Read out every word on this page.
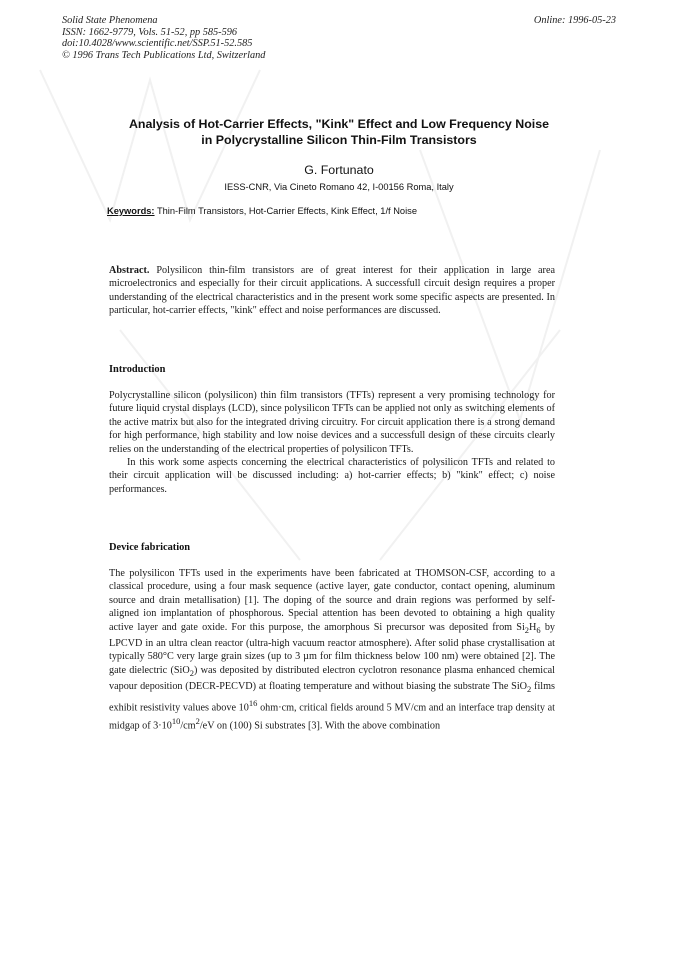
Solid State Phenomena
ISSN: 1662-9779, Vols. 51-52, pp 585-596
doi:10.4028/www.scientific.net/SSP.51-52.585
© 1996 Trans Tech Publications Ltd, Switzerland
Online: 1996-05-23
Analysis of Hot-Carrier Effects, "Kink" Effect and Low Frequency Noise
in Polycrystalline Silicon Thin-Film Transistors
G. Fortunato
IESS-CNR, Via Cineto Romano 42, I-00156 Roma, Italy
Keywords: Thin-Film Transistors, Hot-Carrier Effects, Kink Effect, 1/f Noise

Abstract. Polysilicon thin-film transistors are of great interest for their application in large area microelectronics and especially for their circuit applications. A successfull circuit design requires a proper understanding of the electrical characteristics and in the present work some specific aspects are presented. In particular, hot-carrier effects, "kink" effect and noise performances are discussed.

Introduction

Polycrystalline silicon (polysilicon) thin film transistors (TFTs) represent a very promising technology for future liquid crystal displays (LCD), since polysilicon TFTs can be applied not only as switching elements of the active matrix but also for the integrated driving circuitry. For circuit application there is a strong demand for high performance, high stability and low noise devices and a successfull design of these circuits clearly relies on the understanding of the electrical properties of polysilicon TFTs.

In this work some aspects concerning the electrical characteristics of polysilicon TFTs and related to their circuit application will be discussed including: a) hot-carrier effects; b) "kink" effect; c) noise performances.

Device fabrication

The polysilicon TFTs used in the experiments have been fabricated at THOMSON-CSF, according to a classical procedure, using a four mask sequence (active layer, gate conductor, contact opening, aluminum source and drain metallisation) [1]. The doping of the source and drain regions was performed by self-aligned ion implantation of phosphorous. Special attention has been devoted to obtaining a high quality active layer and gate oxide. For this purpose, the amorphous Si precursor was deposited from $Si_2H_6$ by LPCVD in an ultra clean reactor (ultra-high vacuum reactor atmosphere). After solid phase crystallisation at typically 580°C very large grain sizes (up to 3 µm for film thickness below 100 nm) were obtained [2]. The gate dielectric (SiO$_2$) was deposited by distributed electron cyclotron resonance plasma enhanced chemical vapour deposition (DECR-PECVD) at floating temperature and without biasing the substrate The SiO$_2$ films exhibit resistivity values above $10^{16}$ ohm·cm, critical fields around 5 MV/cm and an interface trap density at midgap of $3\cdot 10^{10}/cm^2/eV$ on (100) Si substrates [3]. With the above combination
